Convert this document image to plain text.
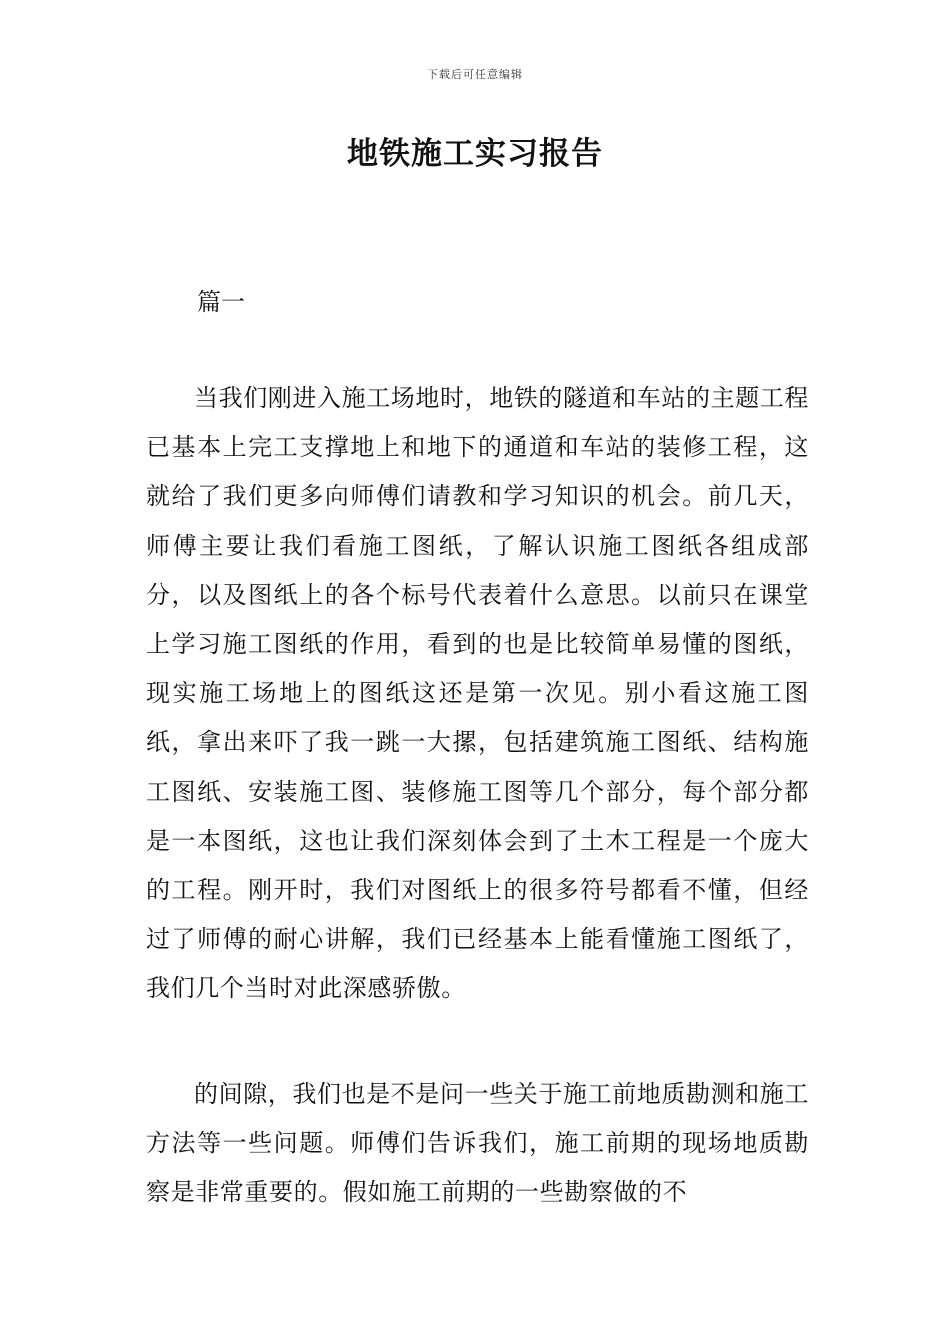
下载后可任意编辑
地铁施工实习报告

篇一

当我们刚进入施工场地时，地铁的隧道和车站的主题工程已基本上完工支撑地上和地下的通道和车站的装修工程，这就给了我们更多向师傅们请教和学习知识的机会。前几天，师傅主要让我们看施工图纸，了解认识施工图纸各组成部分，以及图纸上的各个标号代表着什么意思。以前只在课堂上学习施工图纸的作用，看到的也是比较简单易懂的图纸，现实施工场地上的图纸这还是第一次见。别小看这施工图纸，拿出来吓了我一跳一大摞，包括建筑施工图纸、结构施工图纸、安装施工图、装修施工图等几个部分，每个部分都是一本图纸，这也让我们深刻体会到了土木工程是一个庞大的工程。刚开时，我们对图纸上的很多符号都看不懂，但经过了师傅的耐心讲解，我们已经基本上能看懂施工图纸了，我们几个当时对此深感骄傲。

的间隙，我们也是不是问一些关于施工前地质勘测和施工方法等一些问题。师傅们告诉我们，施工前期的现场地质勘察是非常重要的。假如施工前期的一些勘察做的不
